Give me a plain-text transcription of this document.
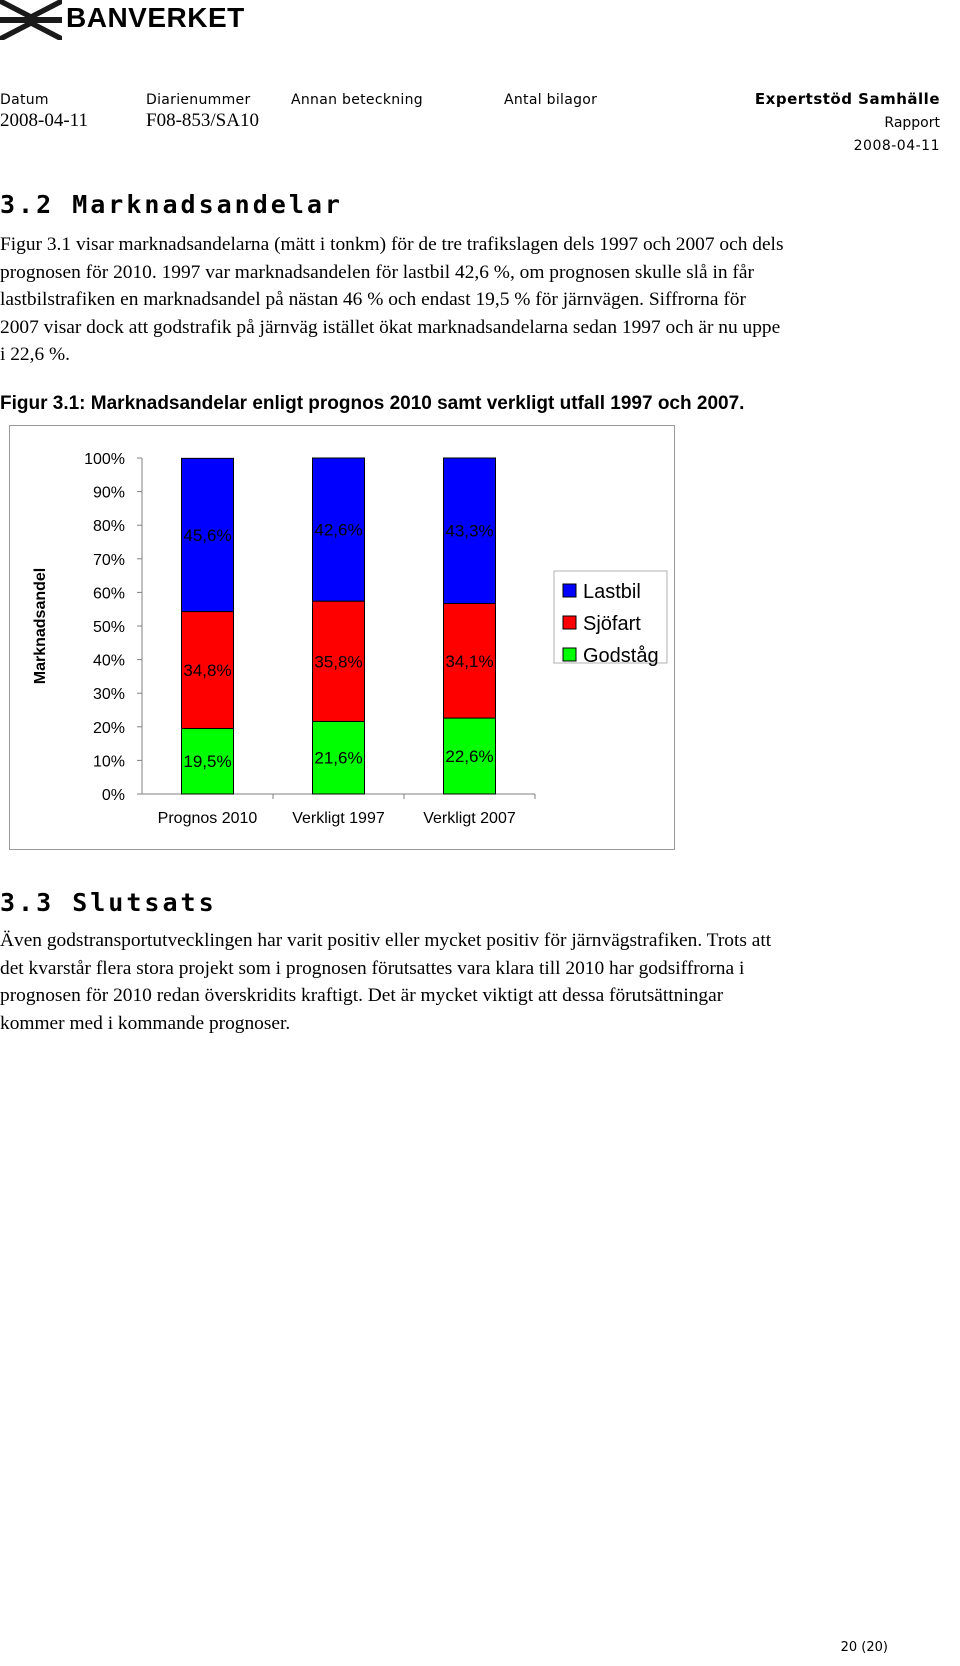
BANVERKET
Datum	Diarienummer	Annan beteckning	Antal bilagor
2008-04-11	F08-853/SA10
Expertstöd Samhälle
Rapport
2008-04-11
3.2 Marknadsandelar
Figur 3.1 visar marknadsandelarna (mätt i tonkm) för de tre trafikslagen dels 1997 och 2007 och dels
prognosen för 2010. 1997 var marknadsandelen för lastbil 42,6 %, om prognosen skulle slå in får
lastbilstrafiken en marknadsandel på nästan 46 % och endast 19,5 % för järnvägen. Siffrorna för
2007 visar dock att godstrafik på järnväg istället ökat marknadsandelarna sedan 1997 och är nu uppe
i 22,6 %.
Figur 3.1: Marknadsandelar enligt prognos 2010 samt verkligt utfall 1997 och 2007.
0%
10%
20%
30%
40%
50%
60%
70%
80%
90%
100%
Marknadsandel
Prognos 2010 Verkligt 1997 Verkligt 2007
19,5%
34,8%
45,6%
21,6%
35,8%
42,6%
22,6%
34,1%
43,3%
Lastbil
Sjöfart
Godståg
3.3 Slutsats
Även godstransportutvecklingen har varit positiv eller mycket positiv för järnvägstrafiken. Trots att
det kvarstår flera stora projekt som i prognosen förutsattes vara klara till 2010 har godsiffrorna i
prognosen för 2010 redan överskridits kraftigt. Det är mycket viktigt att dessa förutsättningar
kommer med i kommande prognoser.
20 (20)
